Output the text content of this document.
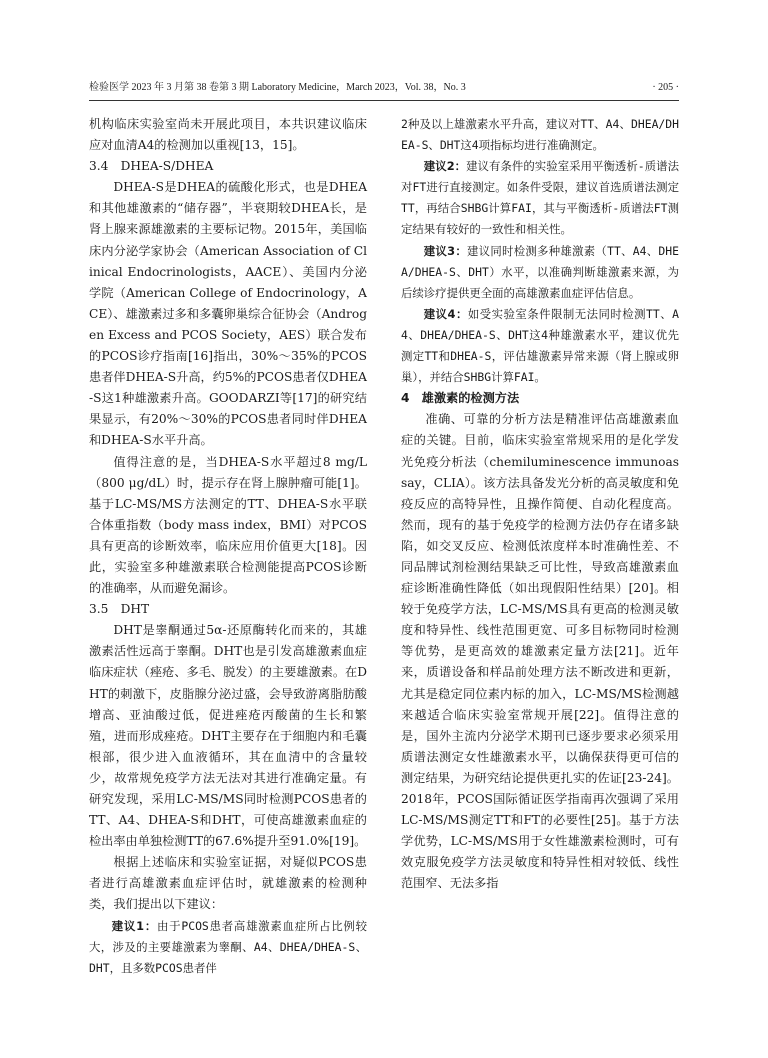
检验医学 2023 年 3 月第 38 卷第 3 期 Laboratory Medicine，March 2023，Vol. 38，No. 3	· 205 ·

机构临床实验室尚未开展此项目，本共识建议临床应对血清A4的检测加以重视[13，15]。

3.4　DHEA-S/DHEA

DHEA-S是DHEA的硫酸化形式，也是DHEA和其他雄激素的“储存器”，半衰期较DHEA长，是肾上腺来源雄激素的主要标记物。2015年，美国临床内分泌学家协会（American Association of Clinical Endocrinologists，AACE）、美国内分泌学院（American College of Endocrinology，ACE）、雄激素过多和多囊卵巢综合征协会（Androgen Excess and PCOS Society，AES）联合发布的PCOS诊疗指南[16]指出，30%～35%的PCOS患者伴DHEA-S升高，约5%的PCOS患者仅DHEA-S这1种雄激素升高。GOODARZI等[17]的研究结果显示，有20%～30%的PCOS患者同时伴DHEA和DHEA-S水平升高。

值得注意的是，当DHEA-S水平超过8 mg/L（800 μg/dL）时，提示存在肾上腺肿瘤可能[1]。基于LC-MS/MS方法测定的TT、DHEA-S水平联合体重指数（body mass index，BMI）对PCOS具有更高的诊断效率，临床应用价值更大[18]。因此，实验室多种雄激素联合检测能提高PCOS诊断的准确率，从而避免漏诊。

3.5　DHT

DHT是睾酮通过5α-还原酶转化而来的，其雄激素活性远高于睾酮。DHT也是引发高雄激素血症临床症状（痤疮、多毛、脱发）的主要雄激素。在DHT的刺激下，皮脂腺分泌过盛，会导致游离脂肪酸增高、亚油酸过低，促进痤疮丙酸菌的生长和繁殖，进而形成痤疮。DHT主要存在于细胞内和毛囊根部，很少进入血液循环，其在血清中的含量较少，故常规免疫学方法无法对其进行准确定量。有研究发现，采用LC-MS/MS同时检测PCOS患者的TT、A4、DHEA-S和DHT，可使高雄激素血症的检出率由单独检测TT的67.6%提升至91.0%[19]。

根据上述临床和实验室证据，对疑似PCOS患者进行高雄激素血症评估时，就雄激素的检测种类，我们提出以下建议：

建议1：由于PCOS患者高雄激素血症所占比例较大，涉及的主要雄激素为睾酮、A4、DHEA/DHEA-S、DHT，且多数PCOS患者伴

2种及以上雄激素水平升高，建议对TT、A4、DHEA/DHEA-S、DHT这4项指标均进行准确测定。

建议2：建议有条件的实验室采用平衡透析-质谱法对FT进行直接测定。如条件受限，建议首选质谱法测定TT，再结合SHBG计算FAI，其与平衡透析-质谱法FT测定结果有较好的一致性和相关性。

建议3：建议同时检测多种雄激素（TT、A4、DHEA/DHEA-S、DHT）水平，以准确判断雄激素来源，为后续诊疗提供更全面的高雄激素血症评估信息。

建议4：如受实验室条件限制无法同时检测TT、A4、DHEA/DHEA-S、DHT这4种雄激素水平，建议优先测定TT和DHEA-S，评估雄激素异常来源（肾上腺或卵巢），并结合SHBG计算FAI。

4　雄激素的检测方法

准确、可靠的分析方法是精准评估高雄激素血症的关键。目前，临床实验室常规采用的是化学发光免疫分析法（chemiluminescence immunoassay，CLIA）。该方法具备发光分析的高灵敏度和免疫反应的高特异性，且操作简便、自动化程度高。然而，现有的基于免疫学的检测方法仍存在诸多缺陷，如交叉反应、检测低浓度样本时准确性差、不同品牌试剂检测结果缺乏可比性，导致高雄激素血症诊断准确性降低（如出现假阳性结果）[20]。相较于免疫学方法，LC-MS/MS具有更高的检测灵敏度和特异性、线性范围更宽、可多目标物同时检测等优势，是更高效的雄激素定量方法[21]。近年来，质谱设备和样品前处理方法不断改进和更新，尤其是稳定同位素内标的加入，LC-MS/MS检测越来越适合临床实验室常规开展[22]。值得注意的是，国外主流内分泌学术期刊已逐步要求必须采用质谱法测定女性雄激素水平，以确保获得更可信的测定结果，为研究结论提供更扎实的佐证[23-24]。2018年，PCOS国际循证医学指南再次强调了采用LC-MS/MS测定TT和FT的必要性[25]。基于方法学优势，LC-MS/MS用于女性雄激素检测时，可有效克服免疫学方法灵敏度和特异性相对较低、线性范围窄、无法多指
